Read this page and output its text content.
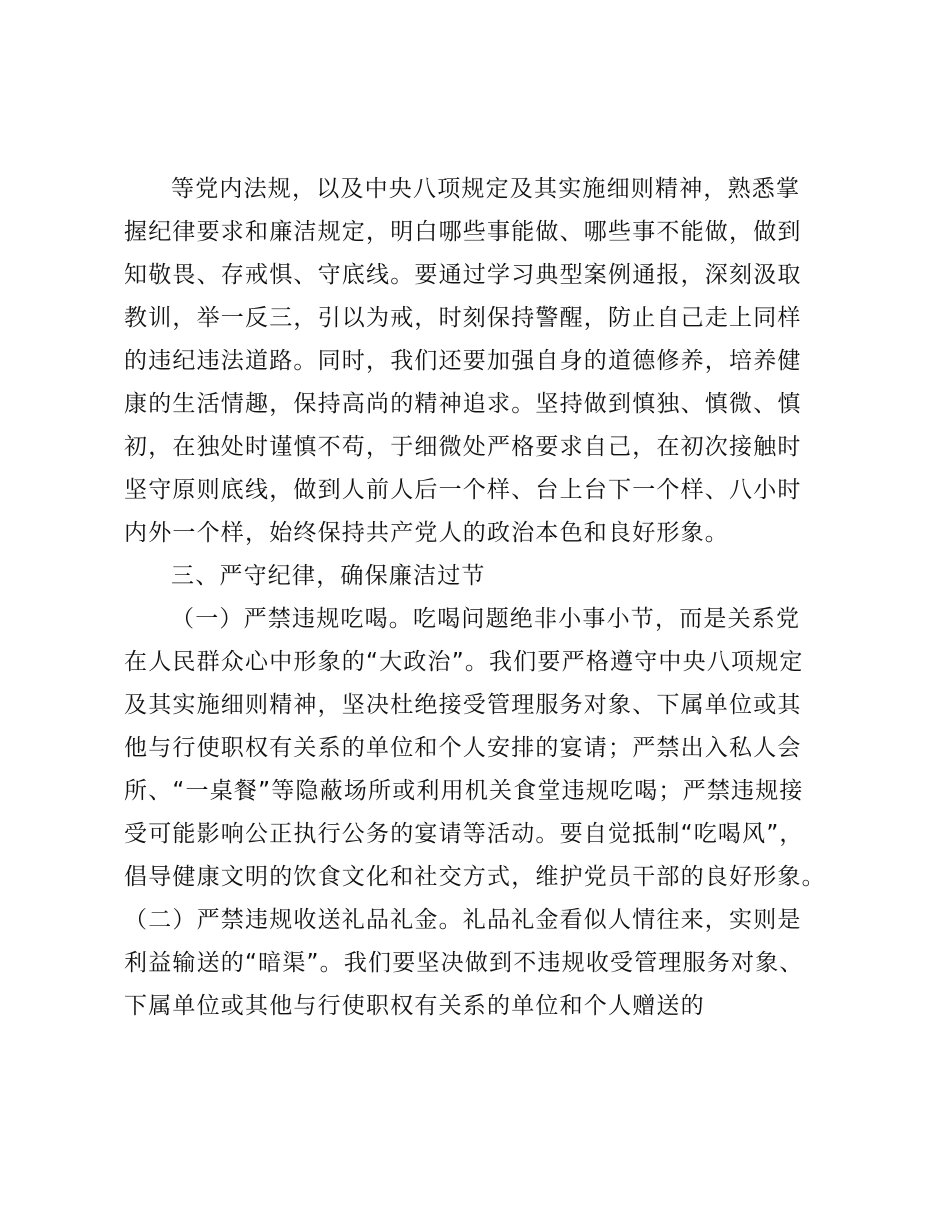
等党内法规，以及中央八项规定及其实施细则精神，熟悉掌
握纪律要求和廉洁规定，明白哪些事能做、哪些事不能做，做到
知敬畏、存戒惧、守底线。要通过学习典型案例通报，深刻汲取
教训，举一反三，引以为戒，时刻保持警醒，防止自己走上同样
的违纪违法道路。同时，我们还要加强自身的道德修养，培养健
康的生活情趣，保持高尚的精神追求。坚持做到慎独、慎微、慎
初，在独处时谨慎不苟，于细微处严格要求自己，在初次接触时
坚守原则底线，做到人前人后一个样、台上台下一个样、八小时
内外一个样，始终保持共产党人的政治本色和良好形象。
三、严守纪律，确保廉洁过节
（一）严禁违规吃喝。吃喝问题绝非小事小节，而是关系党
在人民群众心中形象的“大政治”。我们要严格遵守中央八项规定
及其实施细则精神，坚决杜绝接受管理服务对象、下属单位或其
他与行使职权有关系的单位和个人安排的宴请；严禁出入私人会
所、“一桌餐”等隐蔽场所或利用机关食堂违规吃喝；严禁违规接
受可能影响公正执行公务的宴请等活动。要自觉抵制“吃喝风”，
倡导健康文明的饮食文化和社交方式，维护党员干部的良好形象。
（二）严禁违规收送礼品礼金。礼品礼金看似人情往来，实则是
利益输送的“暗渠”。我们要坚决做到不违规收受管理服务对象、
下属单位或其他与行使职权有关系的单位和个人赠送的
